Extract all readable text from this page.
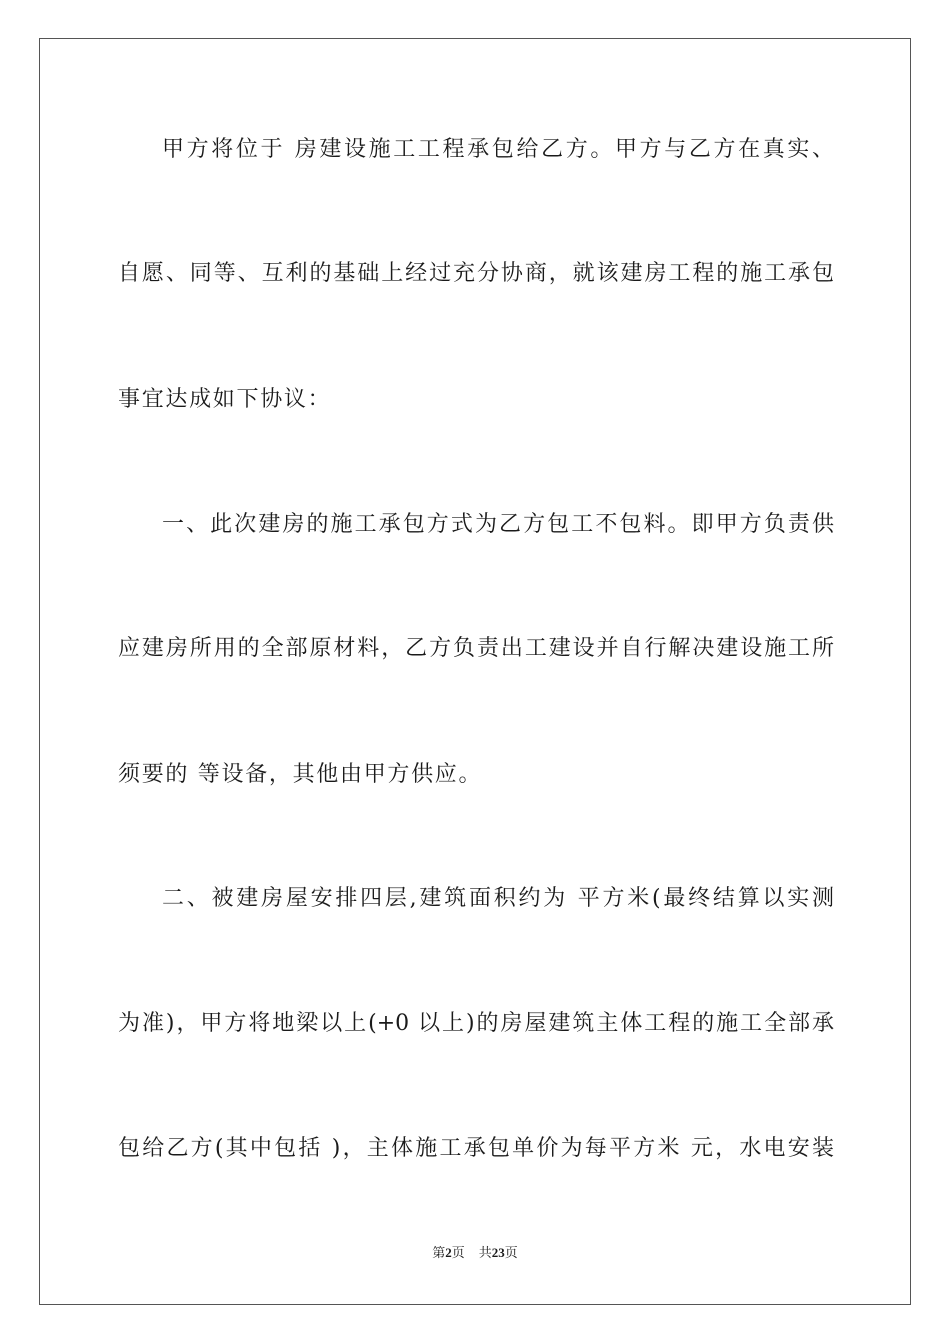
甲方将位于 房建设施工工程承包给乙方。甲方与乙方在真实、
自愿、同等、互利的基础上经过充分协商，就该建房工程的施工承包
事宜达成如下协议：
一、此次建房的施工承包方式为乙方包工不包料。即甲方负责供
应建房所用的全部原材料，乙方负责出工建设并自行解决建设施工所
须要的 等设备，其他由甲方供应。
二、被建房屋安排四层,建筑面积约为 平方米(最终结算以实测
为准)，甲方将地梁以上(+0 以上)的房屋建筑主体工程的施工全部承
包给乙方(其中包括 )，主体施工承包单价为每平方米 元，水电安装
第2页 共23页
